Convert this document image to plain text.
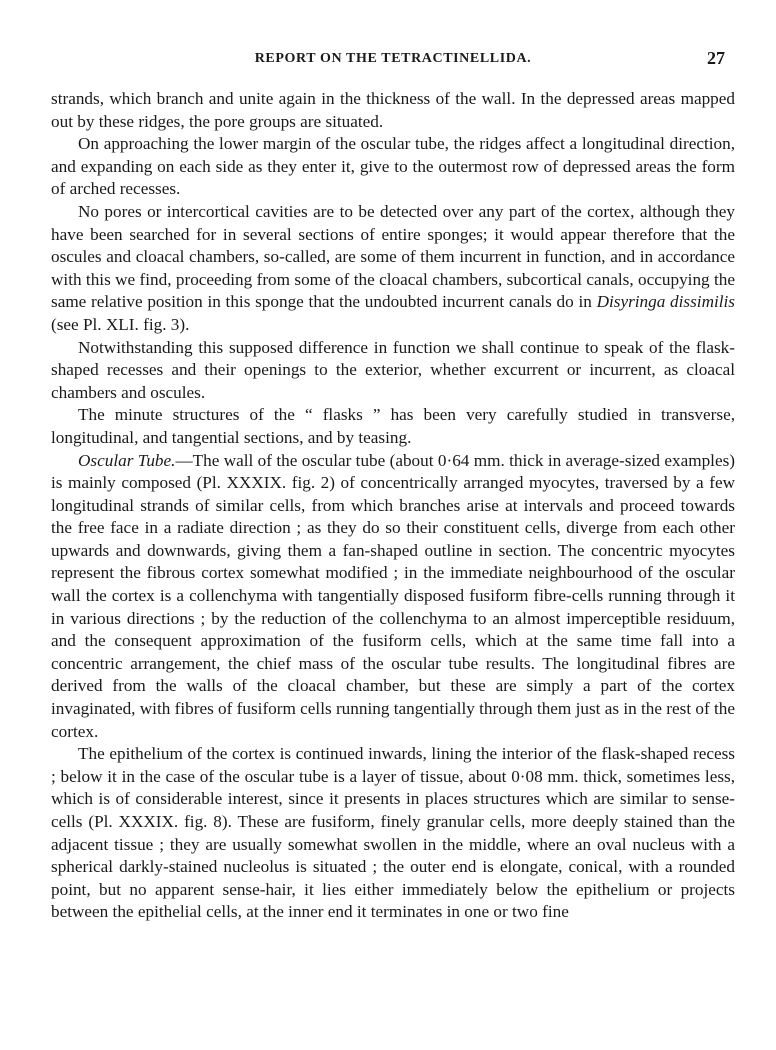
REPORT ON THE TETRACTINELLIDA.	27

strands, which branch and unite again in the thickness of the wall. In the depressed areas mapped out by these ridges, the pore groups are situated.

On approaching the lower margin of the oscular tube, the ridges affect a longitudinal direction, and expanding on each side as they enter it, give to the outermost row of depressed areas the form of arched recesses.

No pores or intercortical cavities are to be detected over any part of the cortex, although they have been searched for in several sections of entire sponges; it would appear therefore that the oscules and cloacal chambers, so-called, are some of them incurrent in function, and in accordance with this we find, proceeding from some of the cloacal chambers, subcortical canals, occupying the same relative position in this sponge that the undoubted incurrent canals do in Disyringa dissimilis (see Pl. XLI. fig. 3).

Notwithstanding this supposed difference in function we shall continue to speak of the flask-shaped recesses and their openings to the exterior, whether excurrent or incurrent, as cloacal chambers and oscules.

The minute structures of the “ flasks ” has been very carefully studied in transverse, longitudinal, and tangential sections, and by teasing.

Oscular Tube.—The wall of the oscular tube (about 0·64 mm. thick in average-sized examples) is mainly composed (Pl. XXXIX. fig. 2) of concentrically arranged myocytes, traversed by a few longitudinal strands of similar cells, from which branches arise at intervals and proceed towards the free face in a radiate direction ; as they do so their constituent cells, diverge from each other upwards and downwards, giving them a fan-shaped outline in section. The concentric myocytes represent the fibrous cortex somewhat modified ; in the immediate neighbourhood of the oscular wall the cortex is a collenchyma with tangentially disposed fusiform fibre-cells running through it in various directions ; by the reduction of the collenchyma to an almost imperceptible residuum, and the consequent approximation of the fusiform cells, which at the same time fall into a concentric arrangement, the chief mass of the oscular tube results. The longitudinal fibres are derived from the walls of the cloacal chamber, but these are simply a part of the cortex invaginated, with fibres of fusiform cells running tangentially through them just as in the rest of the cortex.

The epithelium of the cortex is continued inwards, lining the interior of the flask-shaped recess ; below it in the case of the oscular tube is a layer of tissue, about 0·08 mm. thick, sometimes less, which is of considerable interest, since it presents in places structures which are similar to sense-cells (Pl. XXXIX. fig. 8). These are fusiform, finely granular cells, more deeply stained than the adjacent tissue ; they are usually somewhat swollen in the middle, where an oval nucleus with a spherical darkly-stained nucleolus is situated ; the outer end is elongate, conical, with a rounded point, but no apparent sense-hair, it lies either immediately below the epithelium or projects between the epithelial cells, at the inner end it terminates in one or two fine
